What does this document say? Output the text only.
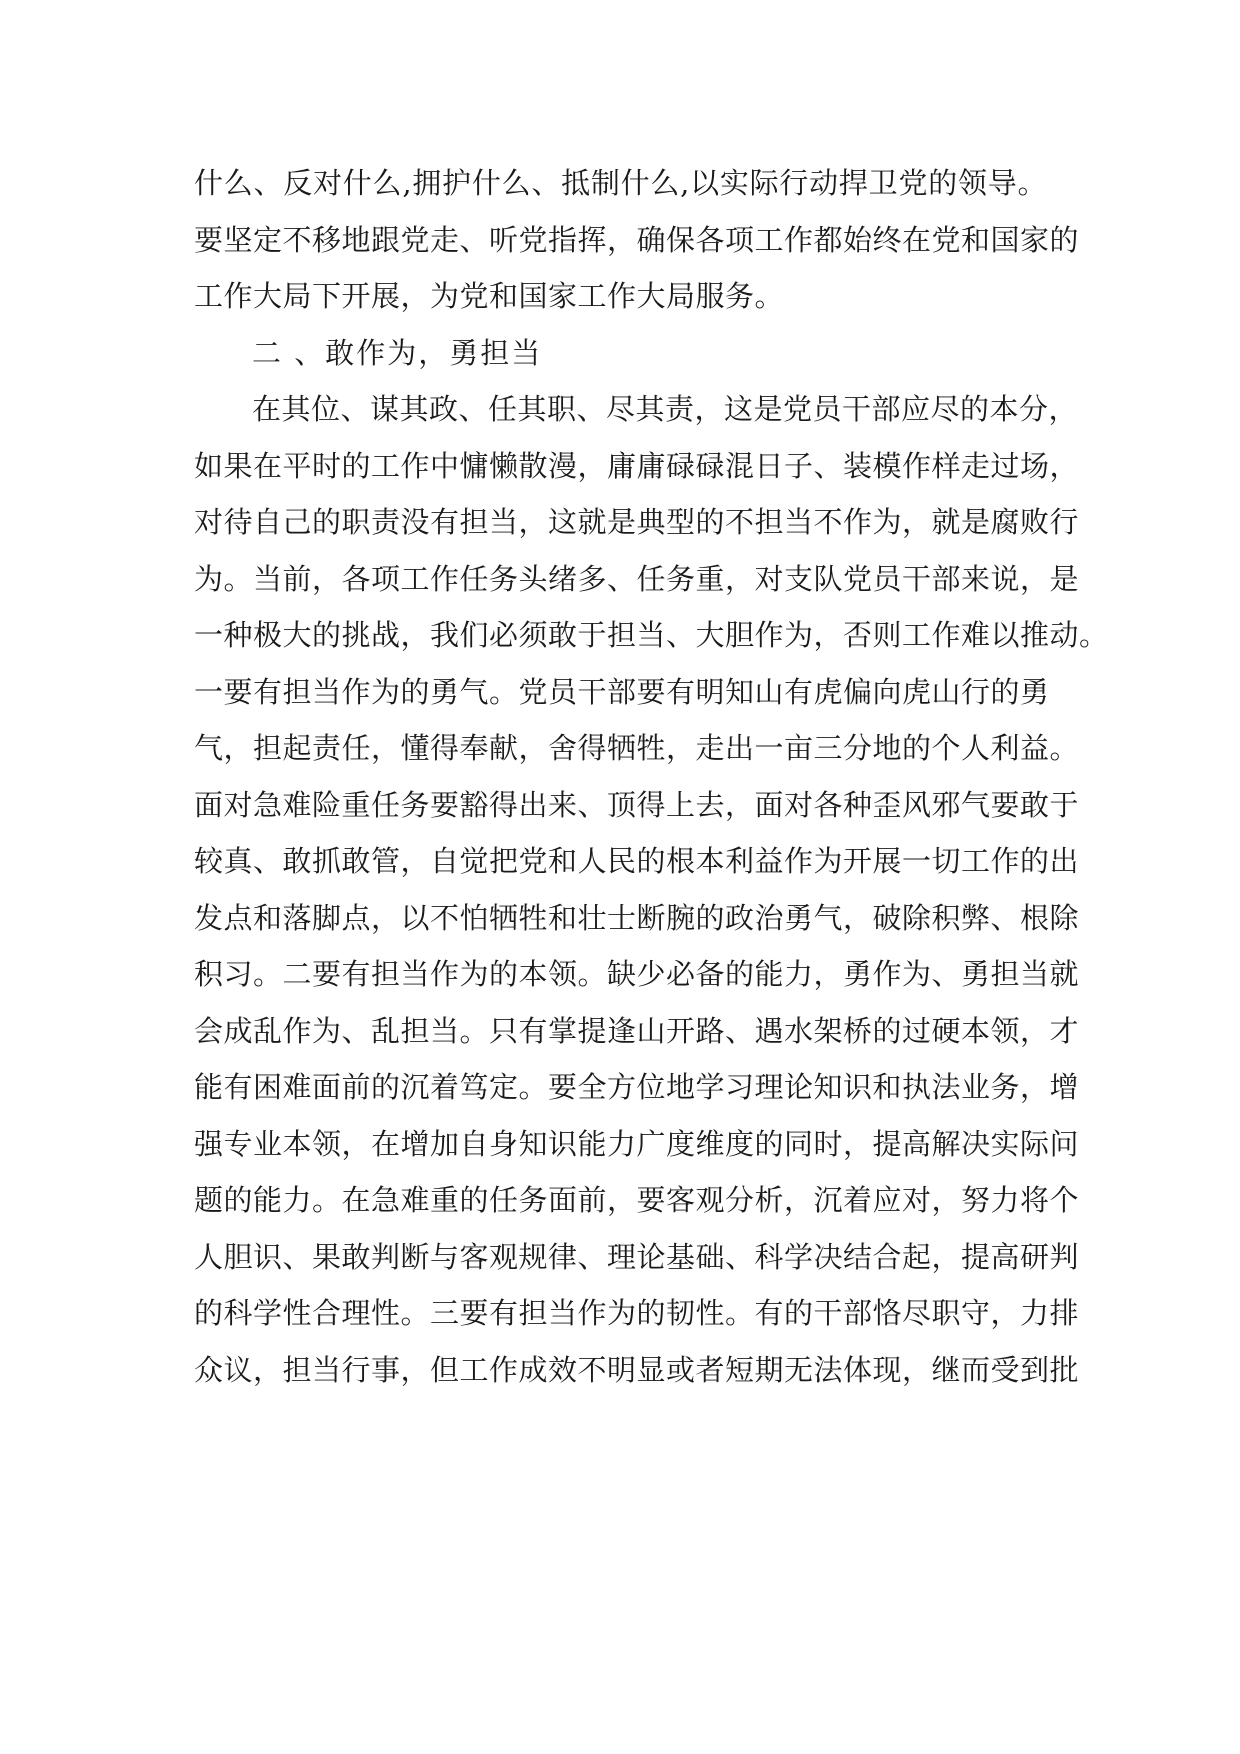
什么、反对什么,拥护什么、抵制什么,以实际行动捍卫党的领导。
要坚定不移地跟党走、听党指挥，确保各项工作都始终在党和国家的
工作大局下开展，为党和国家工作大局服务。
二 、敢作为，勇担当
在其位、谋其政、任其职、尽其责，这是党员干部应尽的本分，
如果在平时的工作中慵懒散漫，庸庸碌碌混日子、装模作样走过场，
对待自己的职责没有担当，这就是典型的不担当不作为，就是腐败行
为。当前，各项工作任务头绪多、任务重，对支队党员干部来说，是
一种极大的挑战，我们必须敢于担当、大胆作为，否则工作难以推动。
一要有担当作为的勇气。党员干部要有明知山有虎偏向虎山行的勇
气，担起责任，懂得奉献，舍得牺牲，走出一亩三分地的个人利益。
面对急难险重任务要豁得出来、顶得上去，面对各种歪风邪气要敢于
较真、敢抓敢管，自觉把党和人民的根本利益作为开展一切工作的出
发点和落脚点，以不怕牺牲和壮士断腕的政治勇气，破除积弊、根除
积习。二要有担当作为的本领。缺少必备的能力，勇作为、勇担当就
会成乱作为、乱担当。只有掌提逢山开路、遇水架桥的过硬本领，才
能有困难面前的沉着笃定。要全方位地学习理论知识和执法业务，增
强专业本领，在增加自身知识能力广度维度的同时，提高解决实际问
题的能力。在急难重的任务面前，要客观分析，沉着应对，努力将个
人胆识、果敢判断与客观规律、理论基础、科学决结合起，提高研判
的科学性合理性。三要有担当作为的韧性。有的干部恪尽职守，力排
众议，担当行事，但工作成效不明显或者短期无法体现，继而受到批
